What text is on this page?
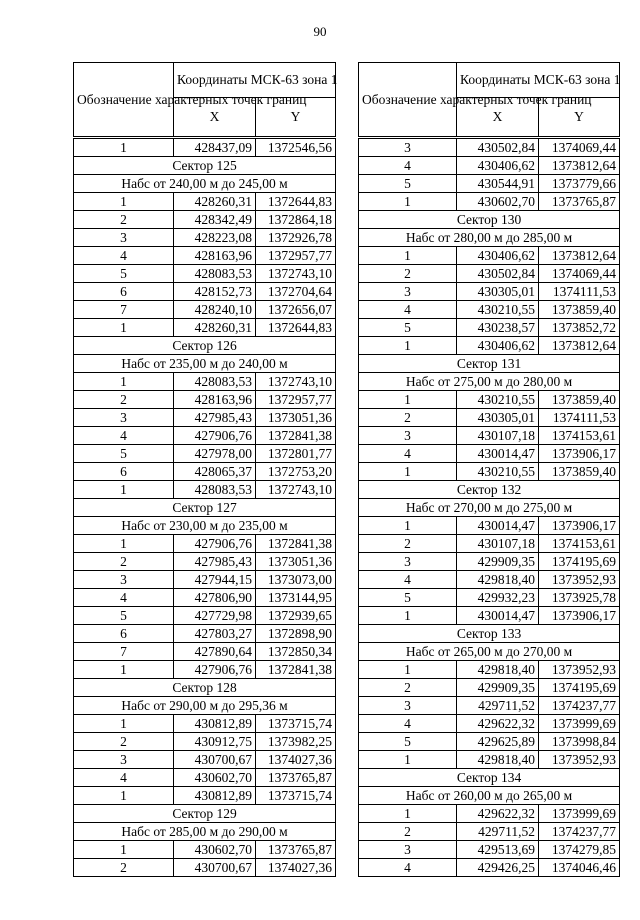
90
Обозначение характерных точек границ	Координаты МСК-63 зона 1	
	X	Y
1	428437,09	1372546,56
Сектор 125		
Набс от 240,00 м до 245,00 м		
1	428260,31	1372644,83
2	428342,49	1372864,18
3	428223,08	1372926,78
4	428163,96	1372957,77
5	428083,53	1372743,10
6	428152,73	1372704,64
7	428240,10	1372656,07
1	428260,31	1372644,83
Сектор 126		
Набс от 235,00 м до 240,00 м		
1	428083,53	1372743,10
2	428163,96	1372957,77
3	427985,43	1373051,36
4	427906,76	1372841,38
5	427978,00	1372801,77
6	428065,37	1372753,20
1	428083,53	1372743,10
Сектор 127		
Набс от 230,00 м до 235,00 м		
1	427906,76	1372841,38
2	427985,43	1373051,36
3	427944,15	1373073,00
4	427806,90	1373144,95
5	427729,98	1372939,65
6	427803,27	1372898,90
7	427890,64	1372850,34
1	427906,76	1372841,38
Сектор 128		
Набс от 290,00 м до 295,36 м		
1	430812,89	1373715,74
2	430912,75	1373982,25
3	430700,67	1374027,36
4	430602,70	1373765,87
1	430812,89	1373715,74
Сектор 129		
Набс от 285,00 м до 290,00 м		
1	430602,70	1373765,87
2	430700,67	1374027,36
Обозначение характерных точек границ	Координаты МСК-63 зона 1	
	X	Y
3	430502,84	1374069,44
4	430406,62	1373812,64
5	430544,91	1373779,66
1	430602,70	1373765,87
Сектор 130		
Набс от 280,00 м до 285,00 м		
1	430406,62	1373812,64
2	430502,84	1374069,44
3	430305,01	1374111,53
4	430210,55	1373859,40
5	430238,57	1373852,72
1	430406,62	1373812,64
Сектор 131		
Набс от 275,00 м до 280,00 м		
1	430210,55	1373859,40
2	430305,01	1374111,53
3	430107,18	1374153,61
4	430014,47	1373906,17
1	430210,55	1373859,40
Сектор 132		
Набс от 270,00 м до 275,00 м		
1	430014,47	1373906,17
2	430107,18	1374153,61
3	429909,35	1374195,69
4	429818,40	1373952,93
5	429932,23	1373925,78
1	430014,47	1373906,17
Сектор 133		
Набс от 265,00 м до 270,00 м		
1	429818,40	1373952,93
2	429909,35	1374195,69
3	429711,52	1374237,77
4	429622,32	1373999,69
5	429625,89	1373998,84
1	429818,40	1373952,93
Сектор 134		
Набс от 260,00 м до 265,00 м		
1	429622,32	1373999,69
2	429711,52	1374237,77
3	429513,69	1374279,85
4	429426,25	1374046,46
